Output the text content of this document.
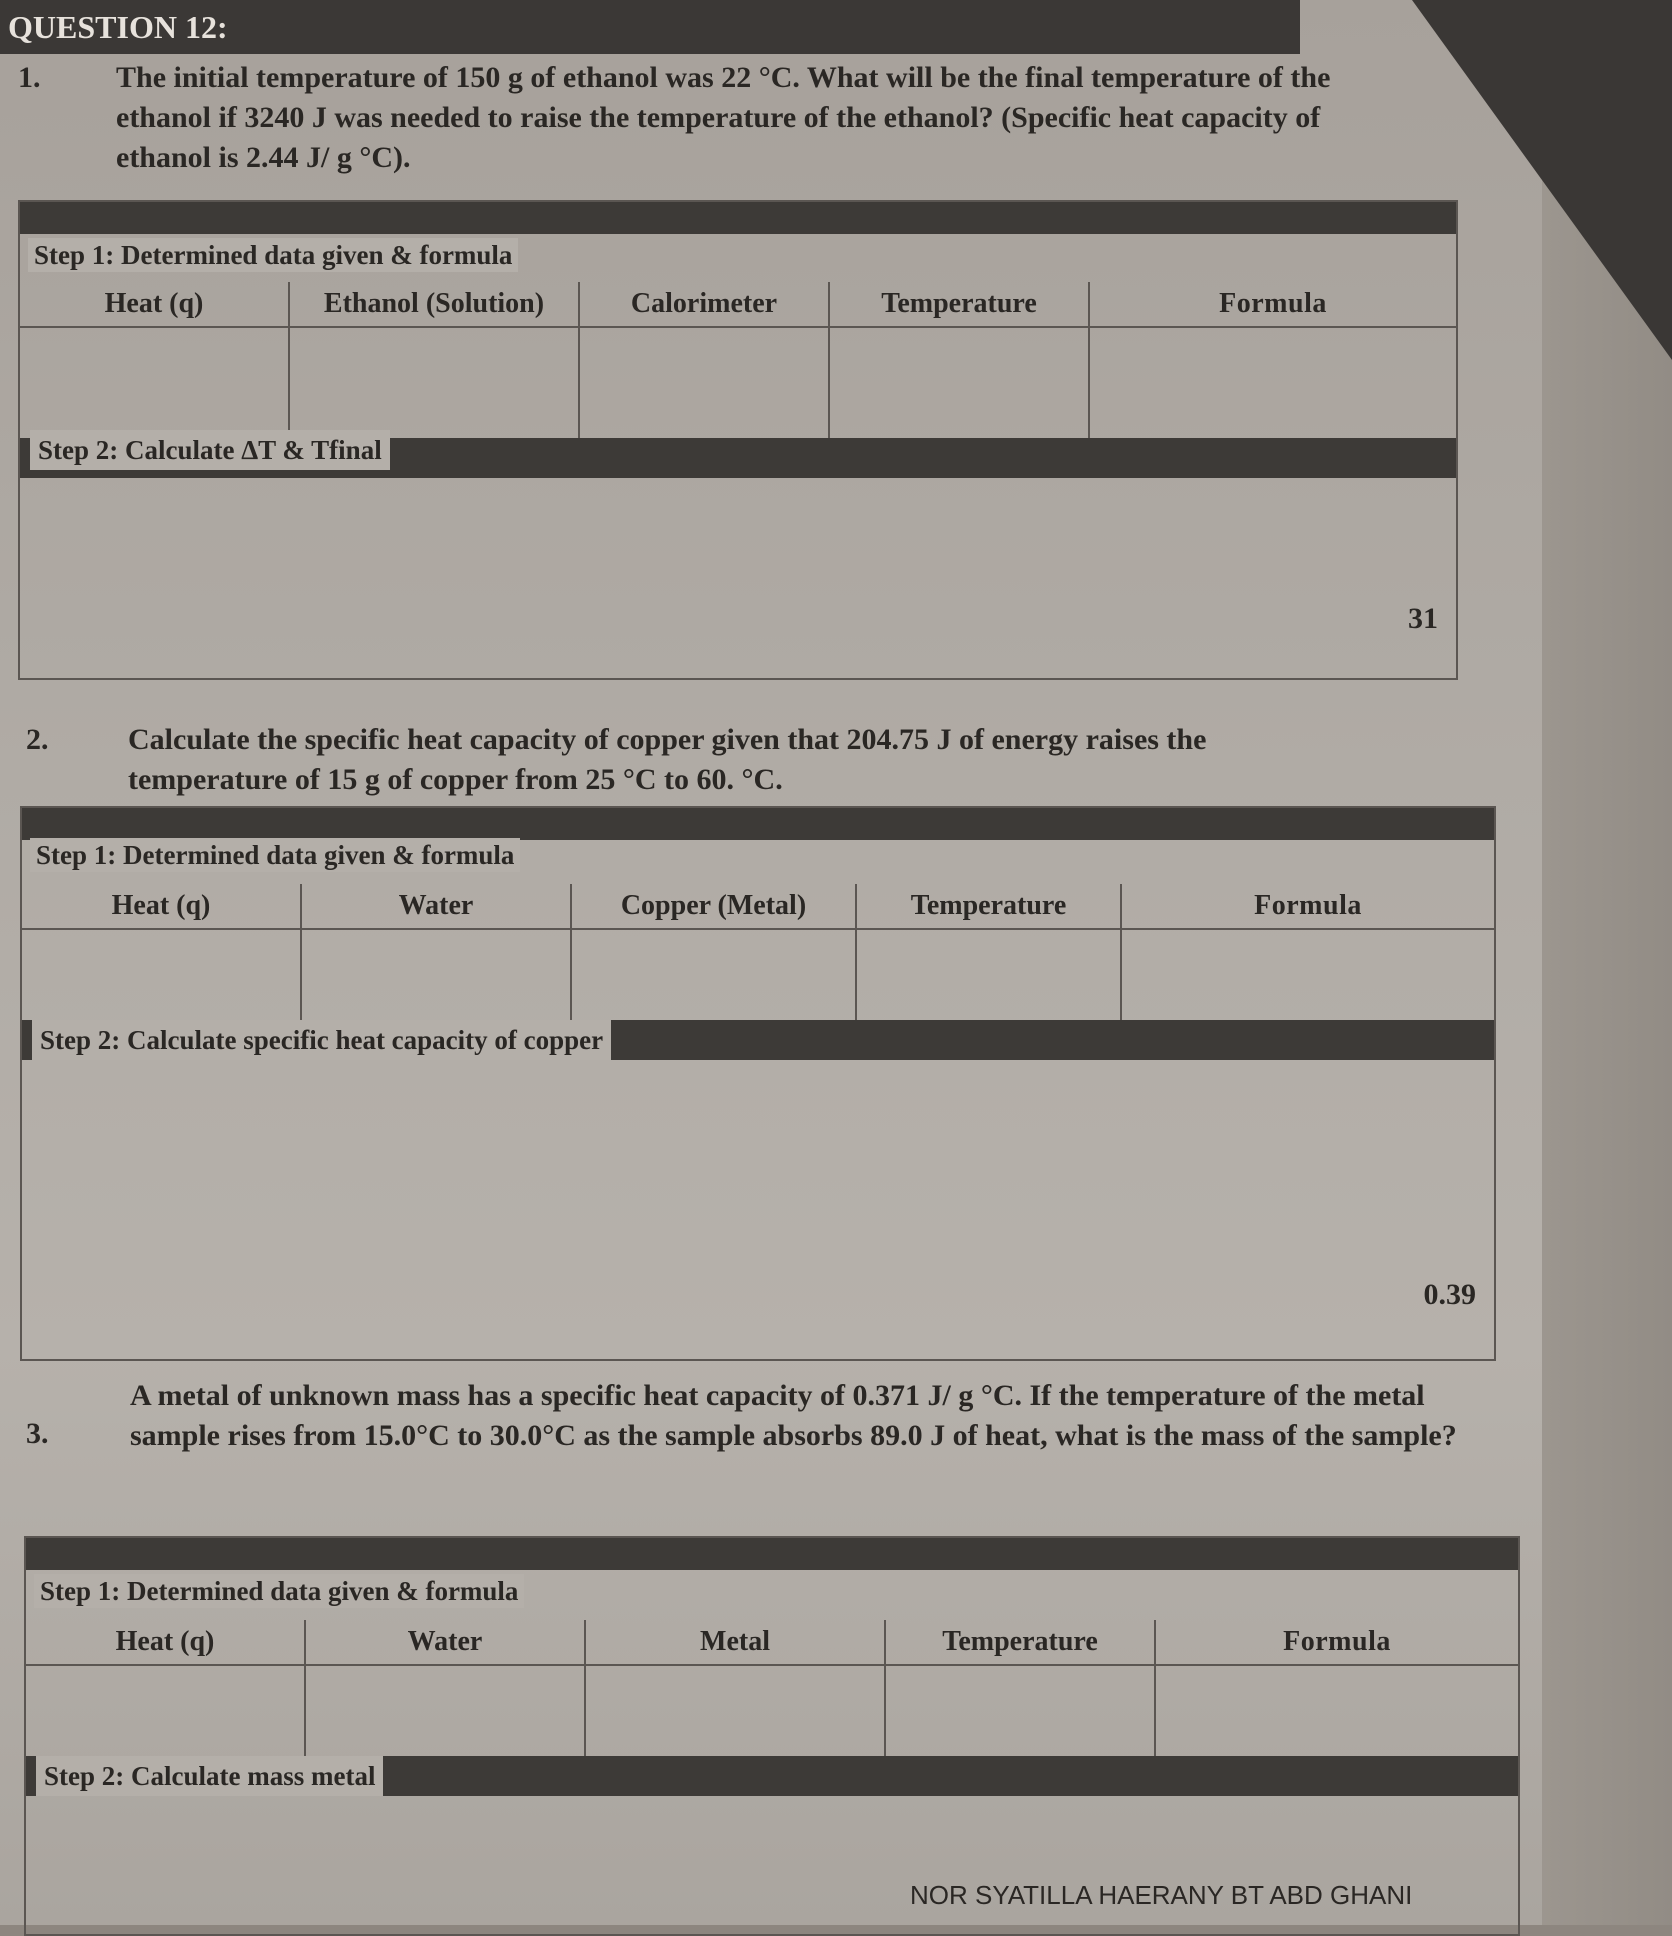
QUESTION 12:
1.	The initial temperature of 150 g of ethanol was 22 °C. What will be the final temperature of the ethanol if 3240 J was needed to raise the temperature of the ethanol? (Specific heat capacity of ethanol is 2.44 J/ g °C).
Step 1: Determined data given & formula
Heat (q)	Ethanol (Solution)	Calorimeter	Temperature	Formula
Step 2: Calculate ΔT & Tfinal
31
2.	Calculate the specific heat capacity of copper given that 204.75 J of energy raises the temperature of 15 g of copper from 25 °C to 60. °C.
Step 1: Determined data given & formula
Heat (q)	Water	Copper (Metal)	Temperature	Formula
Step 2: Calculate specific heat capacity of copper
0.39
3.
A metal of unknown mass has a specific heat capacity of 0.371 J/ g °C. If the temperature of the metal sample rises from 15.0°C to 30.0°C as the sample absorbs 89.0 J of heat, what is the mass of the sample?
Step 1: Determined data given & formula
Heat (q)	Water	Metal	Temperature	Formula
Step 2: Calculate mass metal
NOR SYATILLA HAERANY BT ABD GHANI
